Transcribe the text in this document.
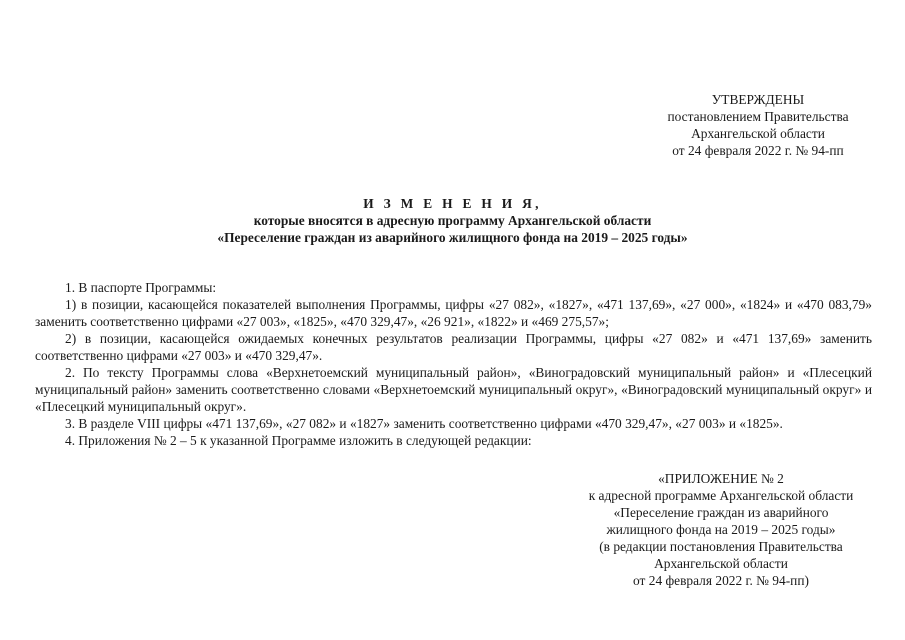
УТВЕРЖДЕНЫ
постановлением Правительства
Архангельской области
от 24 февраля 2022 г. № 94-пп
И З М Е Н Е Н И Я,
которые вносятся в адресную программу Архангельской области
«Переселение граждан из аварийного жилищного фонда на 2019 – 2025 годы»

1. В паспорте Программы:

1) в позиции, касающейся показателей выполнения Программы, цифры «27 082», «1827», «471 137,69», «27 000», «1824» и «470 083,79» заменить соответственно цифрами «27 003», «1825», «470 329,47», «26 921», «1822» и «469 275,57»;

2) в позиции, касающейся ожидаемых конечных результатов реализации Программы, цифры «27 082» и «471 137,69» заменить соответственно цифрами «27 003» и «470 329,47».

2. По тексту Программы слова «Верхнетоемский муниципальный район», «Виноградовский муниципальный район» и «Плесецкий муниципальный район» заменить соответственно словами «Верхнетоемский муниципальный округ», «Виноградовский муниципальный округ» и «Плесецкий муниципальный округ».

3. В разделе VIII цифры «471 137,69», «27 082» и «1827» заменить соответственно цифрами «470 329,47», «27 003» и «1825».

4. Приложения № 2 – 5 к указанной Программе изложить в следующей редакции:

«ПРИЛОЖЕНИЕ № 2
к адресной программе Архангельской области
«Переселение граждан из аварийного
жилищного фонда на 2019 – 2025 годы»
(в редакции постановления Правительства
Архангельской области
от 24 февраля 2022 г. № 94-пп)
